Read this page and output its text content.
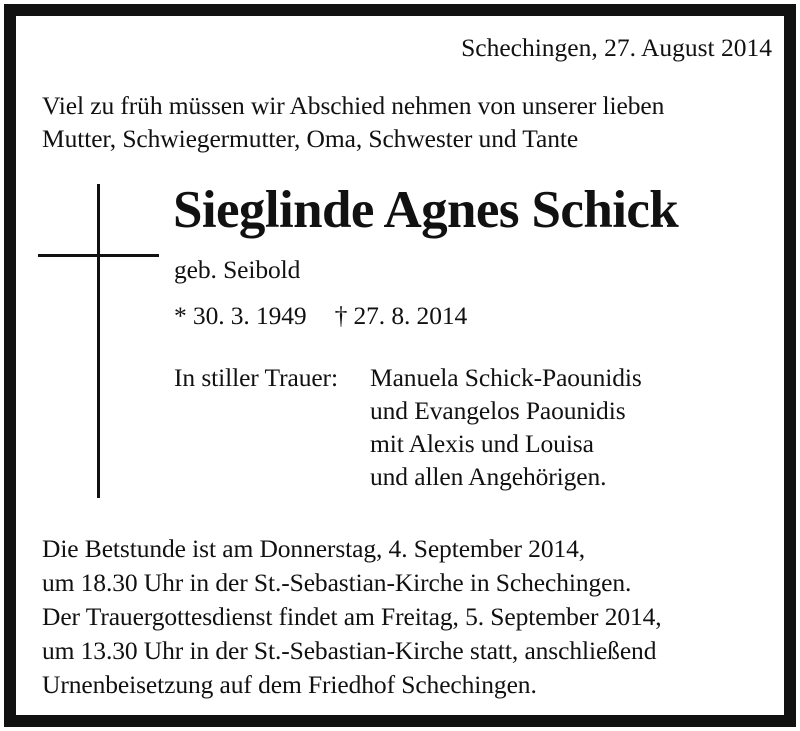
Schechingen, 27. August 2014
Viel zu früh müssen wir Abschied nehmen von unserer lieben
Mutter, Schwiegermutter, Oma, Schwester und Tante
Sieglinde Agnes Schick
geb. Seibold
* 30. 3. 1949 † 27. 8. 2014
In stiller Trauer: Manuela Schick-Paounidis
und Evangelos Paounidis
mit Alexis und Louisa
und allen Angehörigen.
Die Betstunde ist am Donnerstag, 4. September 2014,
um 18.30 Uhr in der St.-Sebastian-Kirche in Schechingen.
Der Trauergottesdienst findet am Freitag, 5. September 2014,
um 13.30 Uhr in der St.-Sebastian-Kirche statt, anschließend
Urnenbeisetzung auf dem Friedhof Schechingen.
